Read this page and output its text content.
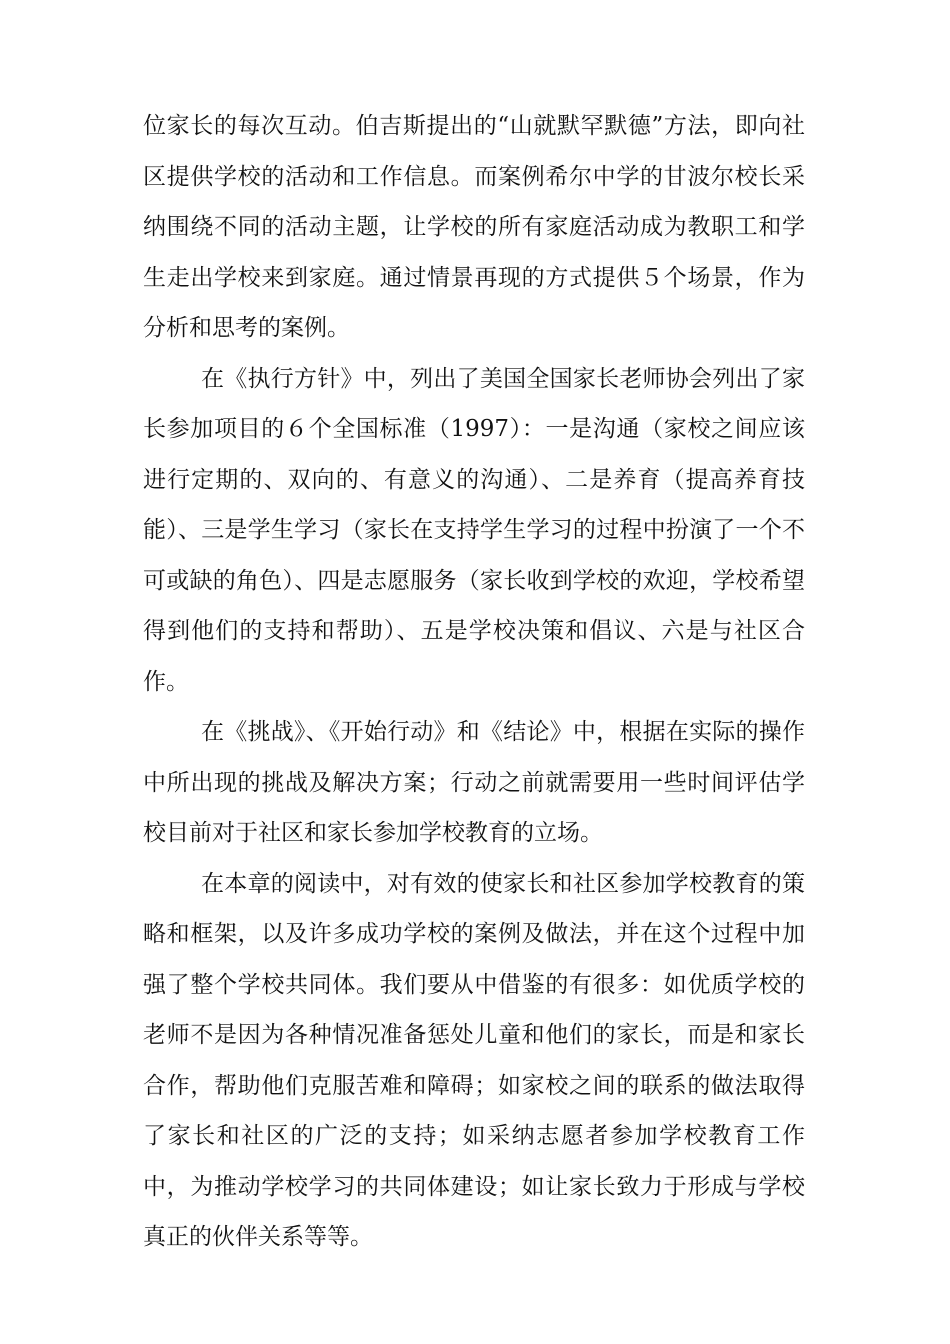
位家长的每次互动。伯吉斯提出的“山就默罕默德”方法，即向社区提供学校的活动和工作信息。而案例希尔中学的甘波尔校长采纳围绕不同的活动主题，让学校的所有家庭活动成为教职工和学生走出学校来到家庭。通过情景再现的方式提供５个场景，作为分析和思考的案例。

在《执行方针》中，列出了美国全国家长老师协会列出了家长参加项目的６个全国标准（1997）：一是沟通（家校之间应该进行定期的、双向的、有意义的沟通）、二是养育（提高养育技能）、三是学生学习（家长在支持学生学习的过程中扮演了一个不可或缺的角色）、四是志愿服务（家长收到学校的欢迎，学校希望得到他们的支持和帮助）、五是学校决策和倡议、六是与社区合作。

在《挑战》、《开始行动》和《结论》中，根据在实际的操作中所出现的挑战及解决方案；行动之前就需要用一些时间评估学校目前对于社区和家长参加学校教育的立场。

在本章的阅读中，对有效的使家长和社区参加学校教育的策略和框架，以及许多成功学校的案例及做法，并在这个过程中加强了整个学校共同体。我们要从中借鉴的有很多：如优质学校的老师不是因为各种情况准备惩处儿童和他们的家长，而是和家长合作，帮助他们克服苦难和障碍；如家校之间的联系的做法取得了家长和社区的广泛的支持；如采纳志愿者参加学校教育工作中，为推动学校学习的共同体建设；如让家长致力于形成与学校真正的伙伴关系等等。
